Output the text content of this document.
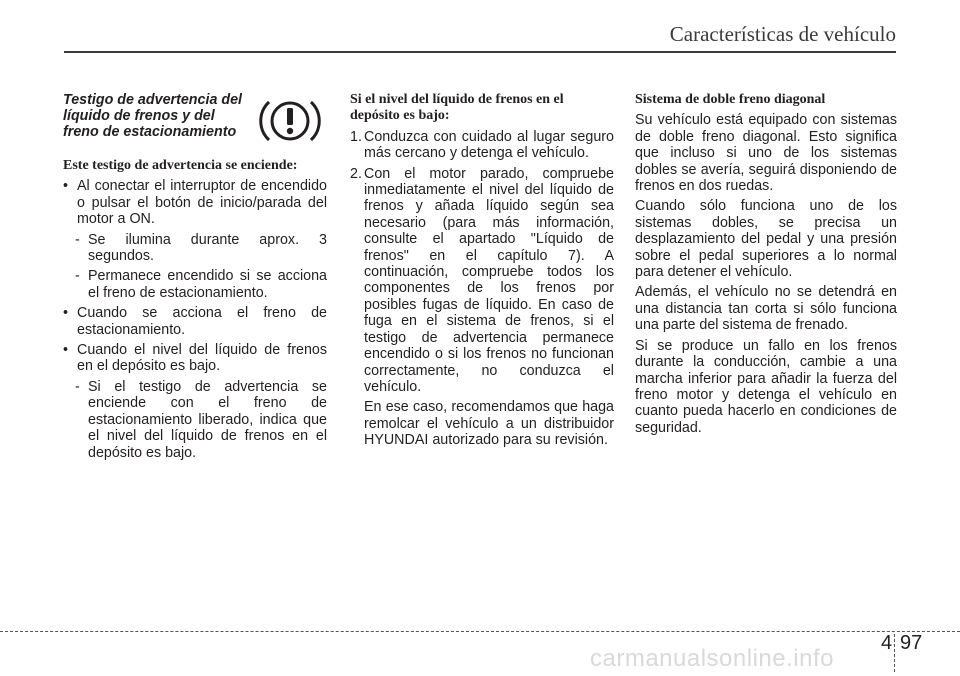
Características de vehículo
Testigo de advertencia del líquido de frenos y del freno de estacionamiento
Este testigo de advertencia se enciende:
• Al conectar el interruptor de encendido o pulsar el botón de inicio/parada del motor a ON.
- Se ilumina durante aprox. 3 segundos.
- Permanece encendido si se acciona el freno de estacionamiento.
• Cuando se acciona el freno de estacionamiento.
• Cuando el nivel del líquido de frenos en el depósito es bajo.
- Si el testigo de advertencia se enciende con el freno de estacionamiento liberado, indica que el nivel del líquido de frenos en el depósito es bajo.
Si el nivel del líquido de frenos en el depósito es bajo:
1. Conduzca con cuidado al lugar seguro más cercano y detenga el vehículo.
2. Con el motor parado, compruebe inmediatamente el nivel del líquido de frenos y añada líquido según sea necesario (para más información, consulte el apartado "Líquido de frenos" en el capítulo 7). A continuación, compruebe todos los componentes de los frenos por posibles fugas de líquido. En caso de fuga en el sistema de frenos, si el testigo de advertencia permanece encendido o si los frenos no funcionan correctamente, no conduzca el vehículo.
En ese caso, recomendamos que haga remolcar el vehículo a un distribuidor HYUNDAI autorizado para su revisión.
Sistema de doble freno diagonal

Su vehículo está equipado con sistemas de doble freno diagonal. Esto significa que incluso si uno de los sistemas dobles se avería, seguirá disponiendo de frenos en dos ruedas.

Cuando sólo funciona uno de los sistemas dobles, se precisa un desplazamiento del pedal y una presión sobre el pedal superiores a lo normal para detener el vehículo.

Además, el vehículo no se detendrá en una distancia tan corta si sólo funciona una parte del sistema de frenado.

Si se produce un fallo en los frenos durante la conducción, cambie a una marcha inferior para añadir la fuerza del freno motor y detenga el vehículo en cuanto pueda hacerlo en condiciones de seguridad.

4 97
carmanualsonline.info
